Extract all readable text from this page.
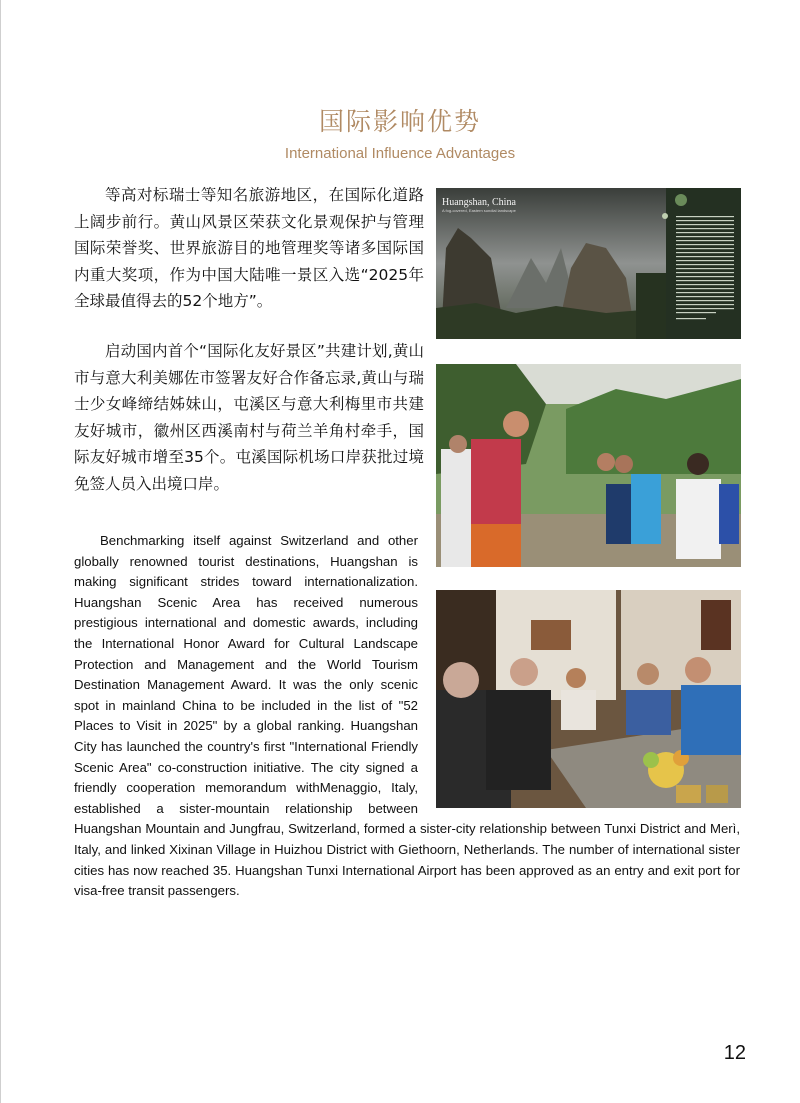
国际影响优势
International Influence Advantages

等高对标瑞士等知名旅游地区，在国际化道路上阔步前行。黄山风景区荣获文化景观保护与管理国际荣誉奖、世界旅游目的地管理奖等诸多国际国内重大奖项，作为中国大陆唯一景区入选“2025年全球最值得去的52个地方”。

启动国内首个“国际化友好景区”共建计划,黄山市与意大利美娜佐市签署友好合作备忘录,黄山与瑞士少女峰缔结姊妹山，屯溪区与意大利梅里市共建友好城市，徽州区西溪南村与荷兰羊角村牵手，国际友好城市增至35个。屯溪国际机场口岸获批过境免签人员入出境口岸。

Benchmarking itself against Switzerland and other globally renowned tourist destinations, Huangshan is making significant strides toward internationalization. Huangshan Scenic Area has received numerous prestigious international and domestic awards, including the International Honor Award for Cultural Landscape Protection and Management and the World Tourism Destination Management Award. It was the only scenic spot in mainland China to be included in the list of "52 Places to Visit in 2025" by a global ranking. Huangshan City has launched the country's first "International Friendly Scenic Area" co-construction initiative. The city signed a friendly cooperation memorandum withMenaggio, Italy, established a sister-mountain relationship between Huangshan Mountain and Jungfrau, Switzerland, formed a sister-city relationship between Tunxi District and Merì, Italy, and linked Xixinan Village in Huizhou District with Giethoorn, Netherlands. The number of international sister cities has now reached 35. Huangshan Tunxi International Airport has been approved as an entry and exit port for visa-free transit passengers.

Huangshan, China
A fog-covered, Eastern sundial landscape
12
